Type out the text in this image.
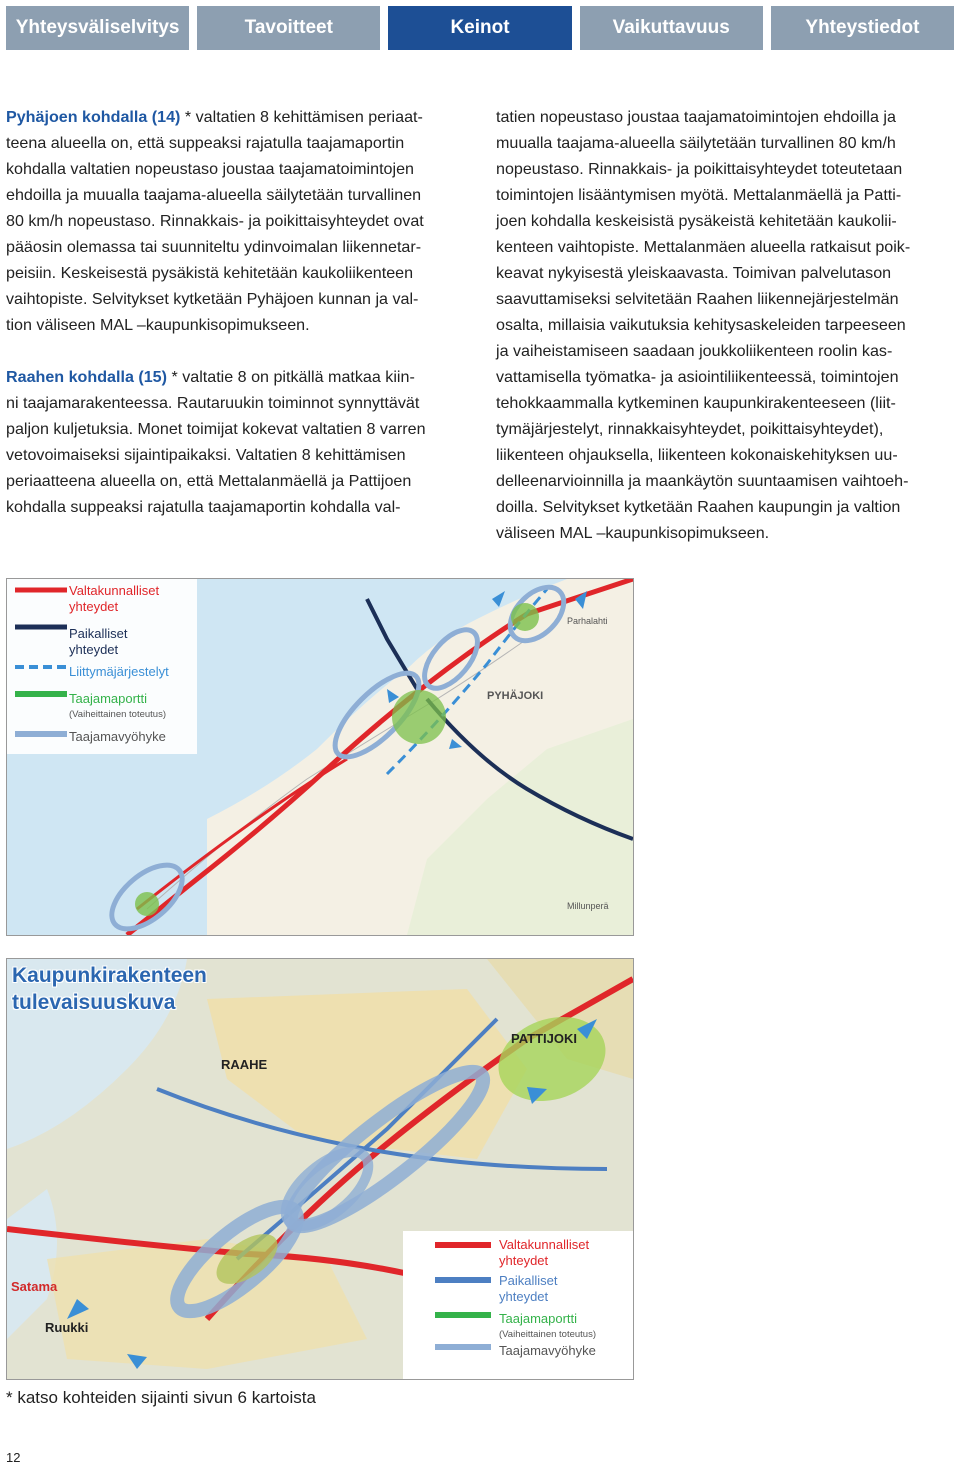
Yhteysväliselvitys	Tavoitteet	Keinot	Vaikuttavuus	Yhteystiedot

Pyhäjoen kohdalla (14) * valtatien 8 kehittämisen periaat-
teena alueella on, että suppeaksi rajatulla taajamaportin
kohdalla valtatien nopeustaso joustaa taajamatoimintojen
ehdoilla ja muualla taajama-alueella säilytetään turvallinen
80 km/h nopeustaso. Rinnakkais- ja poikittaisyhteydet ovat
pääosin olemassa tai suunniteltu ydinvoimalan liikennetar-
peisiin. Keskeisestä pysäkistä kehitetään kaukoliikenteen
vaihtopiste. Selvitykset kytketään Pyhäjoen kunnan ja val-
tion väliseen MAL –kaupunkisopimukseen.

Raahen kohdalla (15) * valtatie 8 on pitkällä matkaa kiin-
ni taajamarakenteessa. Rautaruukin toiminnot synnyttävät
paljon kuljetuksia. Monet toimijat kokevat valtatien 8 varren
vetovoimaiseksi sijaintipaikaksi. Valtatien 8 kehittämisen
periaatteena alueella on, että Mettalanmäellä ja Pattijoen
kohdalla suppeaksi rajatulla taajamaportin kohdalla val-

tatien nopeustaso joustaa taajamatoimintojen ehdoilla ja
muualla taajama-alueella säilytetään turvallinen 80 km/h
nopeustaso. Rinnakkais- ja poikittaisyhteydet toteutetaan
toimintojen lisääntymisen myötä. Mettalanmäellä ja Patti-
joen kohdalla keskeisistä pysäkeistä kehitetään kaukolii-
kenteen vaihtopiste. Mettalanmäen alueella ratkaisut poik-
keavat nykyisestä yleiskaavasta. Toimivan palvelutason
saavuttamiseksi selvitetään Raahen liikennejärjestelmän
osalta, millaisia vaikutuksia kehitysaskeleiden tarpeeseen
ja vaiheistamiseen saadaan joukkoliikenteen roolin kas-
vattamisella työmatka- ja asiointiliikenteessä, toimintojen
tehokkaammalla kytkeminen kaupunkirakenteeseen (liit-
tymäjärjestelyt, rinnakkaisyhteydet, poikittaisyhteydet),
liikenteen ohjauksella, liikenteen kokonaiskehityksen uu-
delleenarvioinnilla ja maankäytön suuntaamisen vaihtoeh-
doilla. Selvitykset kytketään Raahen kaupungin ja valtion
väliseen MAL –kaupunkisopimukseen.

PYHÄJOKI
Parhalahti
Millunperä
Valtakunnalliset
yhteydet
Paikalliset
yhteydet
Liittymäjärjestelyt
Taajamaportti
(Vaiheittainen toteutus)
Taajamavyöhyke
RAAHE
PATTIJOKI
Satama
Ruukki
Valtakunnalliset
yhteydet
Paikalliset
yhteydet
Taajamaportti
(Vaiheittainen toteutus)
Taajamavyöhyke
Kaupunkirakenteen
tulevaisuuskuva
* katso kohteiden sijainti sivun 6 kartoista
12
